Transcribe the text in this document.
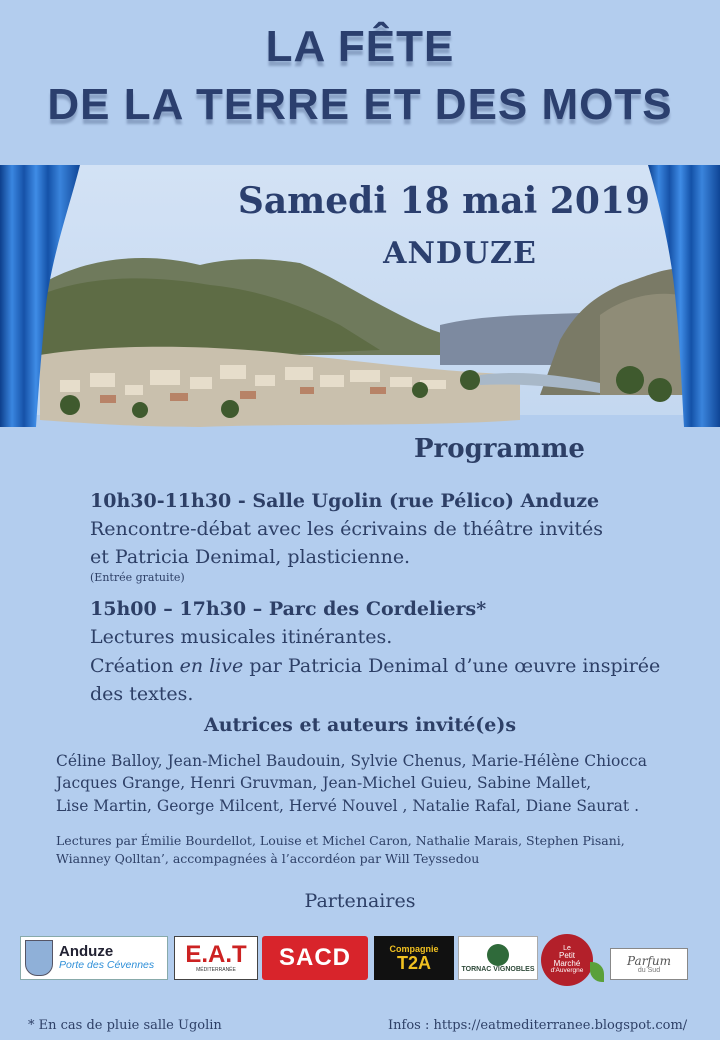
LA FÊTE
DE LA TERRE ET DES MOTS
Samedi 18 mai 2019
ANDUZE
Programme
10h30-11h30 - Salle Ugolin (rue Pélico) Anduze
Rencontre-débat avec les écrivains de théâtre invités
et Patricia Denimal, plasticienne.
(Entrée gratuite)
15h00 – 17h30 – Parc des Cordeliers*
Lectures musicales itinérantes.
Création en live par Patricia Denimal d’une œuvre inspirée
des textes.
Autrices et auteurs invité(e)s
Céline Balloy, Jean-Michel Baudouin, Sylvie Chenus, Marie-Hélène Chiocca
Jacques Grange, Henri Gruvman, Jean-Michel Guieu, Sabine Mallet,
Lise Martin, George Milcent, Hervé Nouvel , Natalie Rafal, Diane Saurat .
Lectures par Émilie Bourdellot, Louise et Michel Caron, Nathalie Marais, Stephen Pisani,
Wianney Qolltan’, accompagnées à l’accordéon par Will Teyssedou
Partenaires
Anduze
Porte des Cévennes E.A.T
MÉDITERRANÉE SACD	Compagnie
T2A	TORNAC VIGNOBLES
Le
Petit
Marché
d'Auvergne
Parfum
du Sud
* En cas de pluie salle Ugolin	Infos : https://eatmediterranee.blogspot.com/
